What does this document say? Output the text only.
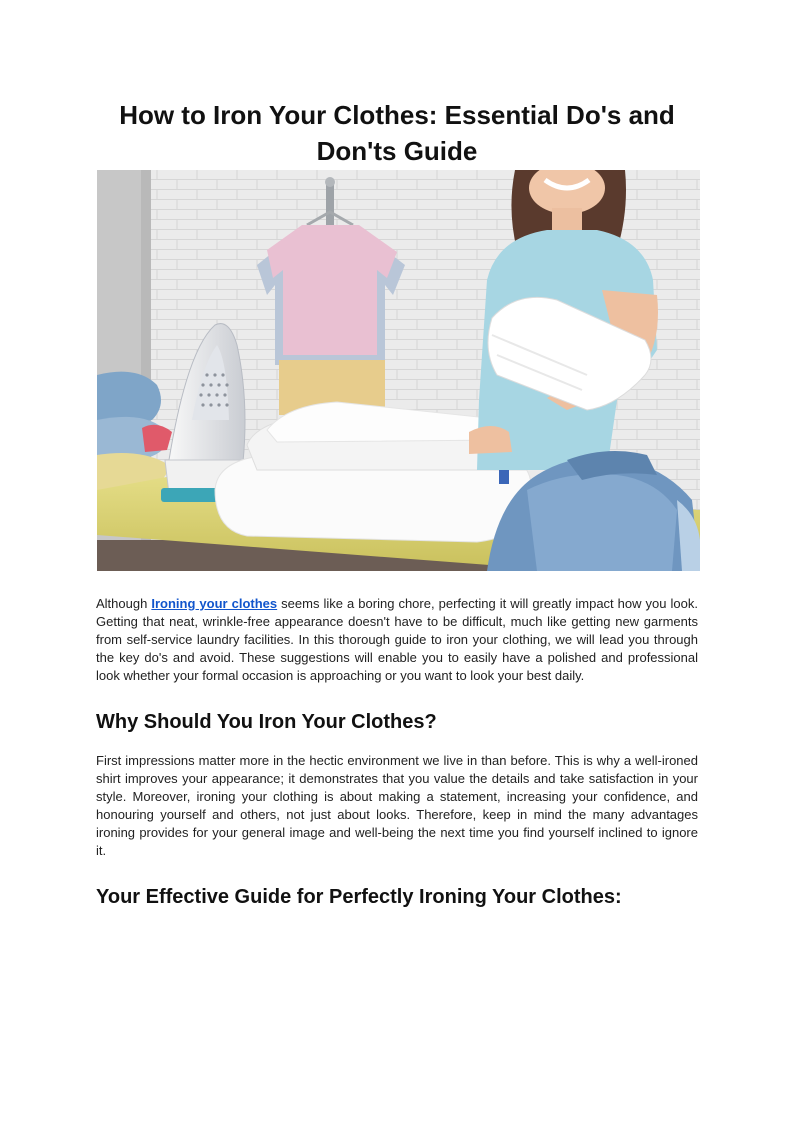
How to Iron Your Clothes: Essential Do's and Don'ts Guide

Although Ironing your clothes seems like a boring chore, perfecting it will greatly impact how you look. Getting that neat, wrinkle-free appearance doesn't have to be difficult, much like getting new garments from self-service laundry facilities. In this thorough guide to iron your clothing, we will lead you through the key do's and avoid. These suggestions will enable you to easily have a polished and professional look whether your formal occasion is approaching or you want to look your best daily.

Why Should You Iron Your Clothes?

First impressions matter more in the hectic environment we live in than before. This is why a well-ironed shirt improves your appearance; it demonstrates that you value the details and take satisfaction in your style. Moreover, ironing your clothing is about making a statement, increasing your confidence, and honouring yourself and others, not just about looks. Therefore, keep in mind the many advantages ironing provides for your general image and well-being the next time you find yourself inclined to ignore it.

Your Effective Guide for Perfectly Ironing Your Clothes:
